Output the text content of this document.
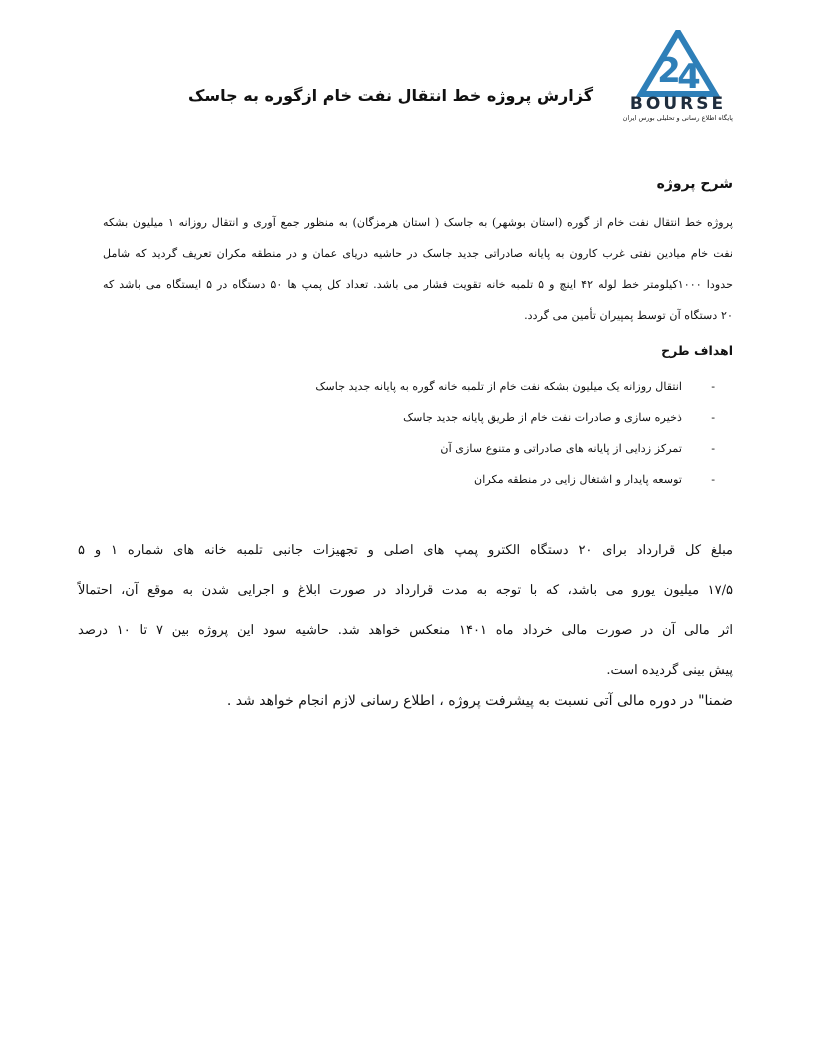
2
4
BOURSE
پایگاه اطلاع رسانی و تحلیلی بورس ایران
گزارش پروژه خط انتقال نفت خام ازگوره به جاسک
شرح پروژه
پروژه خط انتقال نفت خام از گوره (استان بوشهر) به جاسک ( استان هرمزگان) به منظور جمع آوری و انتقال روزانه ۱ میلیون بشکه
نفت خام میادین نفتی غرب کارون به پایانه صادراتی جدید جاسک در حاشیه دریای عمان و در منطقه مکران تعریف گردید که شامل
حدودا ۱۰۰۰کیلومتر خط لوله ۴۲ اینچ و ۵ تلمبه خانه تقویت فشار می باشد. تعداد کل پمپ ها ۵۰ دستگاه در ۵ ایستگاه می باشد که
۲۰ دستگاه آن توسط پمپیران تأمین می گردد.
اهداف طرح
-
انتقال روزانه یک میلیون بشکه نفت خام از تلمبه خانه گوره به پایانه جدید جاسک
-
ذخیره سازی و صادرات نفت خام از طریق پایانه جدید جاسک
-
تمرکز زدایی از پایانه های صادراتی و متنوع سازی آن
-
توسعه پایدار و اشتغال زایی در منطقه مکران
مبلغ کل قرارداد برای ۲۰ دستگاه الکترو پمپ های اصلی و تجهیزات جانبی تلمبه خانه های شماره ۱ و ۵
۱۷/۵ میلیون یورو می باشد، که با توجه به مدت قرارداد در صورت ابلاغ و اجرایی شدن به موقع آن، احتمالاً
اثر مالی آن در صورت مالی خرداد ماه ۱۴۰۱ منعکس خواهد شد. حاشیه سود این پروژه بین ۷ تا ۱۰ درصد
پیش بینی گردیده است.
ضمنا" در دوره مالی آتی نسبت به پیشرفت پروژه ، اطلاع رسانی لازم انجام خواهد شد .
